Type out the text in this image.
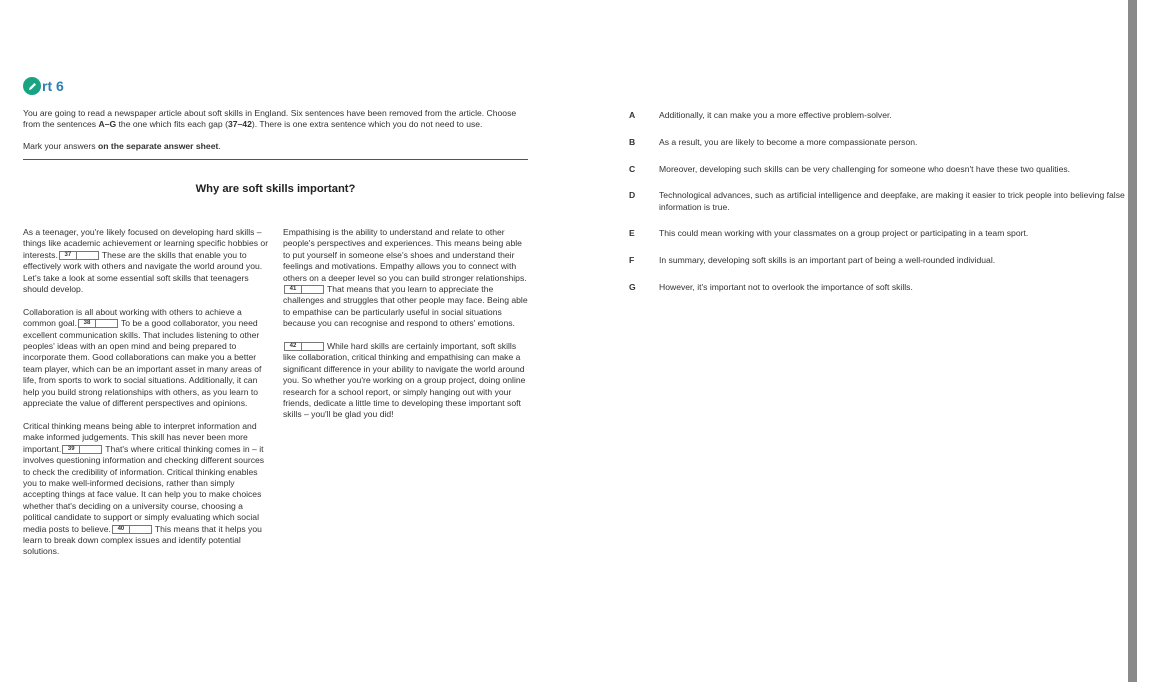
rt 6

You are going to read a newspaper article about soft skills in England. Six sentences have been removed from the article. Choose from the sentences A–G the one which fits each gap (37–42). There is one extra sentence which you do not need to use.

Mark your answers on the separate answer sheet.

Why are soft skills important?

As a teenager, you're likely focused on developing hard skills – things like academic achievement or learning specific hobbies or interests.	37	These are the skills that enable you to effectively work with others and navigate the world around you. Let's take a look at some essential soft skills that teenagers should develop.

Collaboration is all about working with others to achieve a common goal.	38	To be a good collaborator, you need excellent communication skills. That includes listening to other peoples' ideas with an open mind and being prepared to incorporate them. Good collaborations can make you a better team player, which can be an important asset in many areas of life, from sports to work to social situations. Additionally, it can help you build strong relationships with others, as you learn to appreciate the value of different perspectives and opinions.

Critical thinking means being able to interpret information and make informed judgements. This skill has never been more important.	39	That's where critical thinking comes in – it involves questioning information and checking different sources to check the credibility of information. Critical thinking enables you to make well-informed decisions, rather than simply accepting things at face value. It can help you to make choices whether that's deciding on a university course, choosing a political candidate to support or simply evaluating which social media posts to believe.	40	This means that it helps you learn to break down complex issues and identify potential solutions.

Empathising is the ability to understand and relate to other people's perspectives and experiences. This means being able to put yourself in someone else's shoes and understand their feelings and motivations. Empathy allows you to connect with others on a deeper level so you can build stronger relationships.
41	That means that you learn to appreciate the challenges and struggles that other people may face. Being able to empathise can be particularly useful in social situations because you can recognise and respond to others' emotions.

42	While hard skills are certainly important, soft skills like collaboration, critical thinking and empathising can make a significant difference in your ability to navigate the world around you. So whether you're working on a group project, doing online research for a school report, or simply hanging out with your friends, dedicate a little time to developing these important soft skills – you'll be glad you did!

A	Additionally, it can make you a more effective problem-solver.
B	As a result, you are likely to become a more compassionate person.
C	Moreover, developing such skills can be very challenging for someone who doesn't have these two qualities.
D	Technological advances, such as artificial intelligence and deepfake, are making it easier to trick people into believing false information is true.
E	This could mean working with your classmates on a group project or participating in a team sport.
F	In summary, developing soft skills is an important part of being a well-rounded individual.
G	However, it's important not to overlook the importance of soft skills.
